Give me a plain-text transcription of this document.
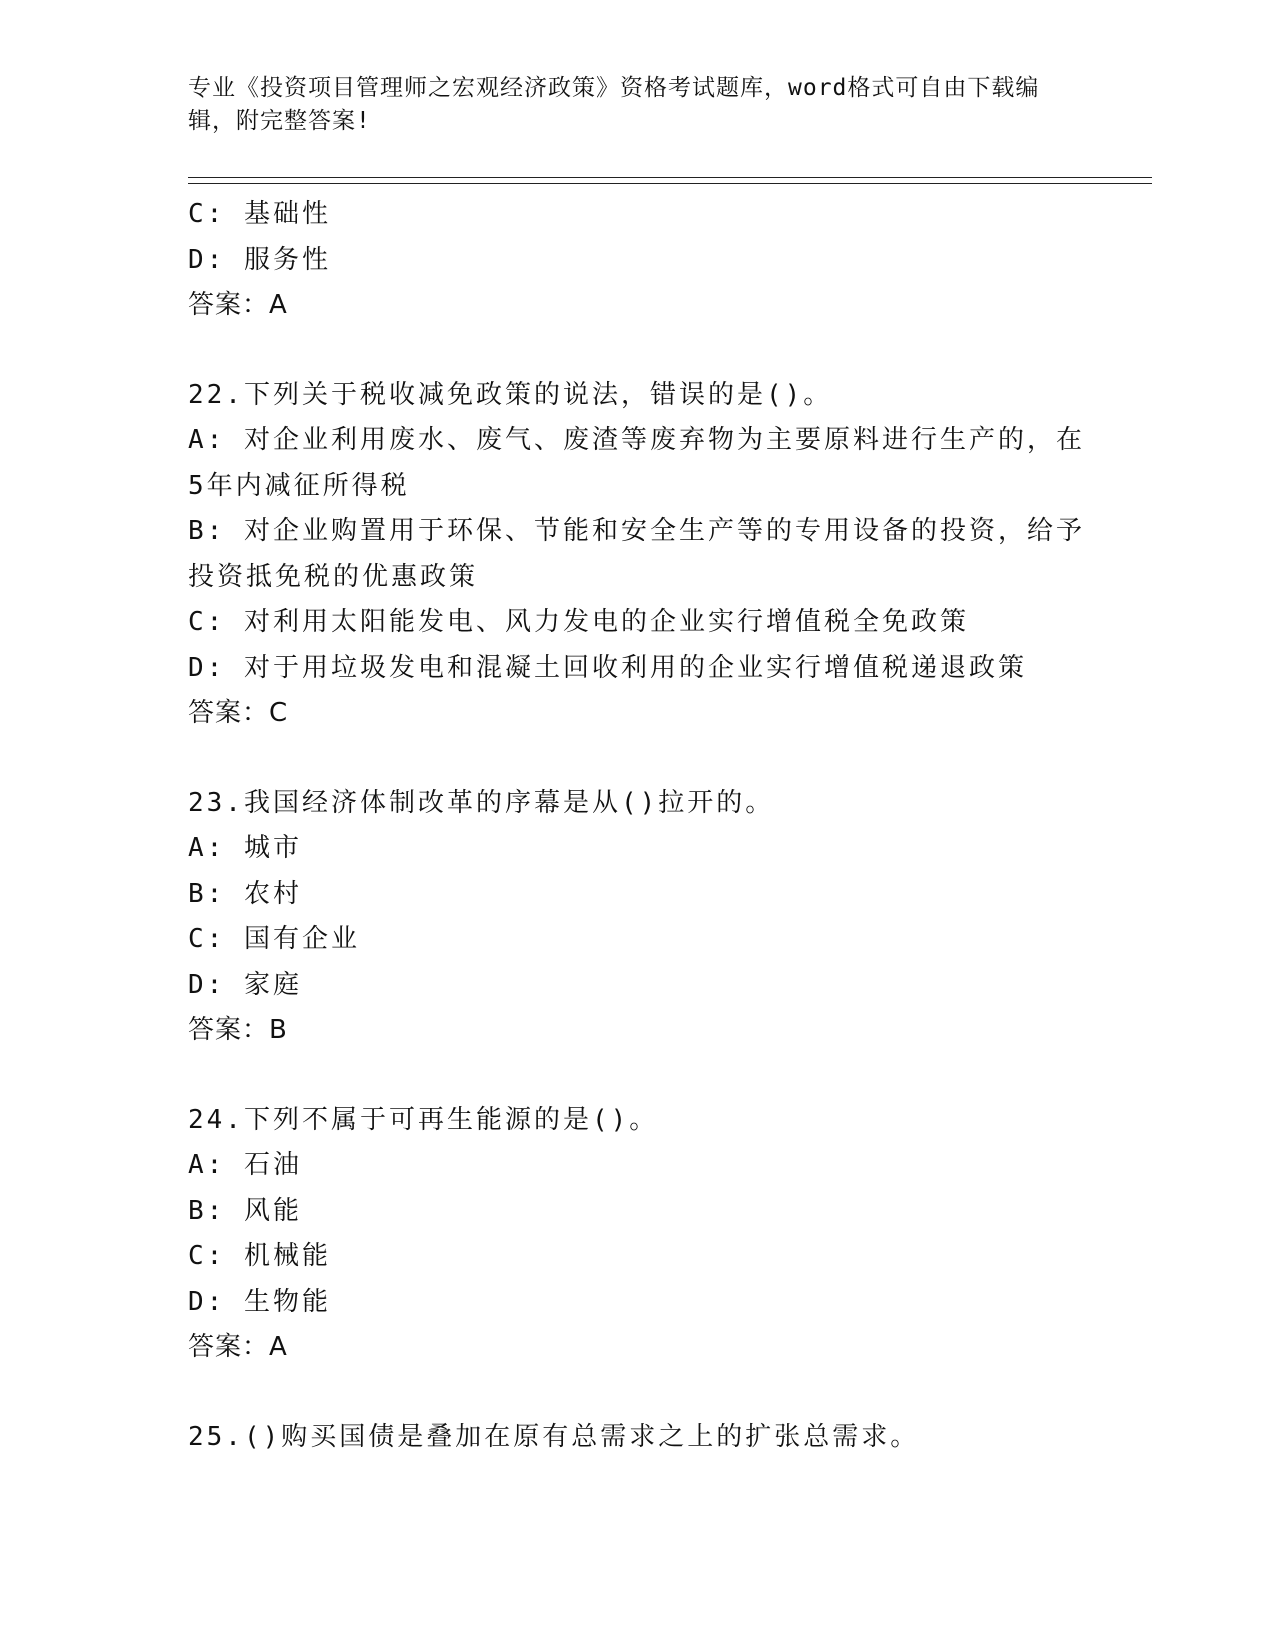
专业《投资项目管理师之宏观经济政策》资格考试题库，word格式可自由下载编辑，附完整答案!
C: 基础性
D: 服务性
答案：A
22.下列关于税收减免政策的说法，错误的是()。
A: 对企业利用废水、废气、废渣等废弃物为主要原料进行生产的，在5年内减征所得税
B: 对企业购置用于环保、节能和安全生产等的专用设备的投资，给予投资抵免税的优惠政策
C: 对利用太阳能发电、风力发电的企业实行增值税全免政策
D: 对于用垃圾发电和混凝土回收利用的企业实行增值税递退政策
答案：C
23.我国经济体制改革的序幕是从()拉开的。
A: 城市
B: 农村
C: 国有企业
D: 家庭
答案：B
24.下列不属于可再生能源的是()。
A: 石油
B: 风能
C: 机械能
D: 生物能
答案：A
25.()购买国债是叠加在原有总需求之上的扩张总需求。
